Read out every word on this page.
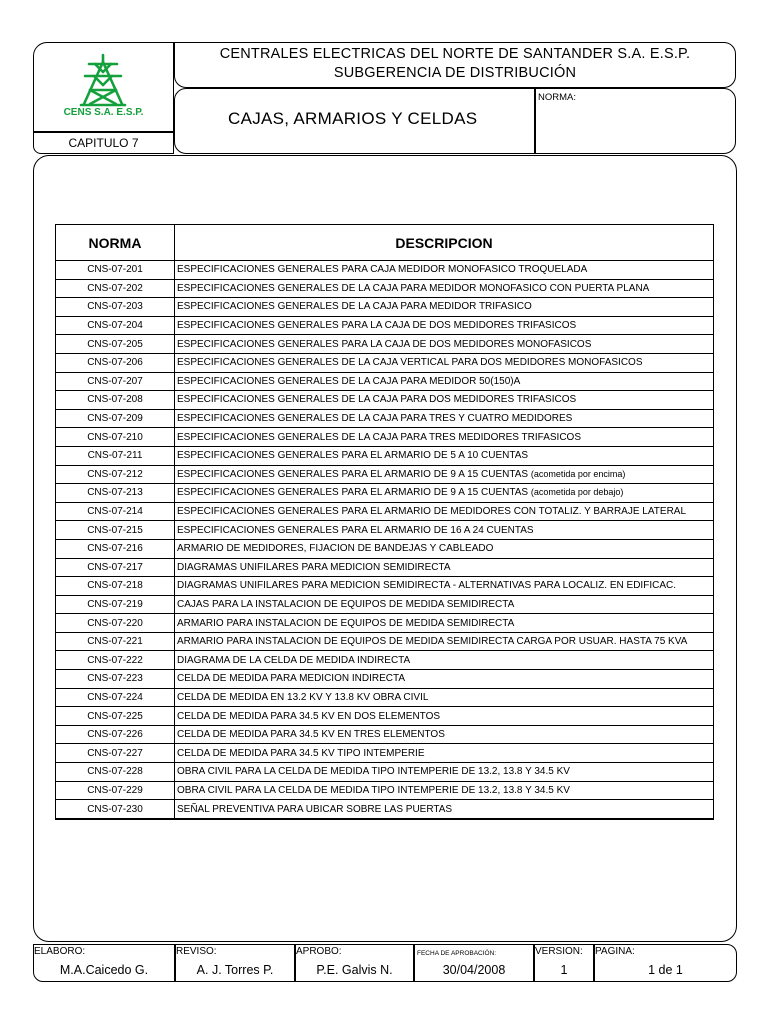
CENS S.A. E.S.P.
CAPITULO 7
CENTRALES ELECTRICAS DEL NORTE DE SANTANDER S.A. E.S.P.
SUBGERENCIA DE DISTRIBUCIÓN
CAJAS, ARMARIOS Y CELDAS
NORMA:
NORMA	DESCRIPCION
CNS-07-201	ESPECIFICACIONES GENERALES PARA CAJA MEDIDOR MONOFASICO TROQUELADA
CNS-07-202	ESPECIFICACIONES GENERALES DE LA CAJA PARA MEDIDOR MONOFASICO CON PUERTA PLANA
CNS-07-203	ESPECIFICACIONES GENERALES DE LA CAJA PARA MEDIDOR TRIFASICO
CNS-07-204	ESPECIFICACIONES GENERALES PARA LA CAJA DE DOS MEDIDORES TRIFASICOS
CNS-07-205	ESPECIFICACIONES GENERALES PARA LA CAJA DE DOS MEDIDORES MONOFASICOS
CNS-07-206	ESPECIFICACIONES GENERALES DE LA CAJA VERTICAL PARA DOS MEDIDORES MONOFASICOS
CNS-07-207	ESPECIFICACIONES GENERALES DE LA CAJA PARA MEDIDOR 50(150)A
CNS-07-208	ESPECIFICACIONES GENERALES DE LA CAJA PARA DOS MEDIDORES TRIFASICOS
CNS-07-209	ESPECIFICACIONES GENERALES DE LA CAJA PARA TRES Y CUATRO MEDIDORES
CNS-07-210	ESPECIFICACIONES GENERALES DE LA CAJA PARA TRES MEDIDORES TRIFASICOS
CNS-07-211	ESPECIFICACIONES GENERALES PARA EL ARMARIO DE 5 A 10 CUENTAS
CNS-07-212	ESPECIFICACIONES GENERALES PARA EL ARMARIO DE 9 A 15 CUENTAS (acometida por encima)
CNS-07-213	ESPECIFICACIONES GENERALES PARA EL ARMARIO DE 9 A 15 CUENTAS (acometida por debajo)
CNS-07-214	ESPECIFICACIONES GENERALES PARA EL ARMARIO DE MEDIDORES CON TOTALIZ. Y BARRAJE LATERAL
CNS-07-215	ESPECIFICACIONES GENERALES PARA EL ARMARIO DE 16 A 24 CUENTAS
CNS-07-216	ARMARIO DE MEDIDORES, FIJACION DE BANDEJAS Y CABLEADO
CNS-07-217	DIAGRAMAS UNIFILARES PARA MEDICION SEMIDIRECTA
CNS-07-218	DIAGRAMAS UNIFILARES PARA MEDICION SEMIDIRECTA - ALTERNATIVAS PARA LOCALIZ. EN EDIFICAC.
CNS-07-219	CAJAS PARA LA INSTALACION DE EQUIPOS DE MEDIDA SEMIDIRECTA
CNS-07-220	ARMARIO PARA INSTALACION DE EQUIPOS DE MEDIDA SEMIDIRECTA
CNS-07-221	ARMARIO PARA INSTALACION DE EQUIPOS DE MEDIDA SEMIDIRECTA CARGA POR USUAR. HASTA 75 KVA
CNS-07-222	DIAGRAMA DE LA CELDA DE MEDIDA INDIRECTA
CNS-07-223	CELDA DE MEDIDA PARA MEDICION INDIRECTA
CNS-07-224	CELDA DE MEDIDA EN 13.2 KV Y 13.8 KV OBRA CIVIL
CNS-07-225	CELDA DE MEDIDA PARA 34.5 KV EN DOS ELEMENTOS
CNS-07-226	CELDA DE MEDIDA PARA 34.5 KV EN TRES ELEMENTOS
CNS-07-227	CELDA DE MEDIDA PARA 34.5 KV TIPO INTEMPERIE
CNS-07-228	OBRA CIVIL PARA LA CELDA DE MEDIDA TIPO INTEMPERIE DE 13.2, 13.8 Y 34.5 KV
CNS-07-229	OBRA CIVIL PARA LA CELDA DE MEDIDA TIPO INTEMPERIE DE 13.2, 13.8 Y 34.5 KV
CNS-07-230	SEÑAL PREVENTIVA PARA UBICAR SOBRE LAS PUERTAS
ELABORO:
M.A.Caicedo G.
REVISO:
A. J. Torres P.
APROBO:
P.E. Galvis N.
FECHA DE APROBACIÓN:
30/04/2008
VERSION:
1
PAGINA:
1 de 1
